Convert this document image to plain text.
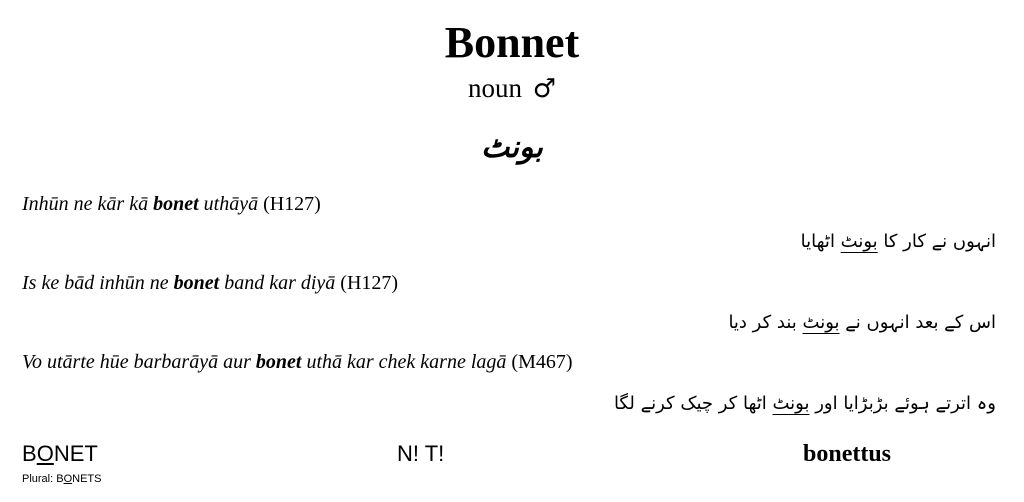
Bonnet
noun ♂
بونٹ
Inhūn ne kār kā bonet uthāyā (H127)
انہوں نے کار کا بونٹ اٹھایا
Is ke bād inhūn ne bonet band kar diyā (H127)
اس کے بعد انہوں نے بونٹ بند کر دیا
Vo utārte hūe barbarāyā aur bonet uthā kar chek karne lagā (M467)
وہ اترتے ہوئے بڑبڑایا اور بونٹ اٹھا کر چیک کرنے لگا
BONET
Plural: BONETS
N! T!	bonettus
